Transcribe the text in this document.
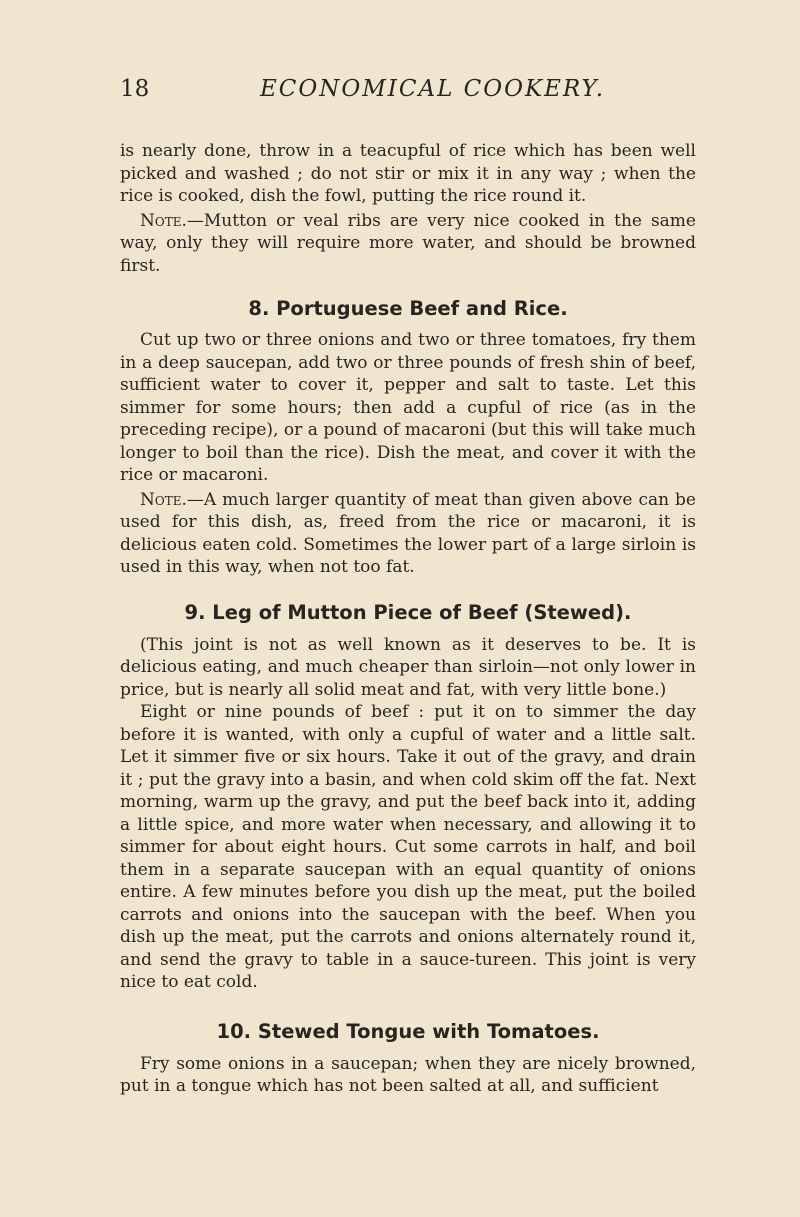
18	ECONOMICAL COOKERY.

is nearly done, throw in a teacupful of rice which has been well picked and washed ; do not stir or mix it in any way ; when the rice is cooked, dish the fowl, putting the rice round it.

Note.—Mutton or veal ribs are very nice cooked in the same way, only they will require more water, and should be browned first.

8. Portuguese Beef and Rice.

Cut up two or three onions and two or three tomatoes, fry them in a deep saucepan, add two or three pounds of fresh shin of beef, sufficient water to cover it, pepper and salt to taste. Let this simmer for some hours; then add a cupful of rice (as in the preceding recipe), or a pound of macaroni (but this will take much longer to boil than the rice). Dish the meat, and cover it with the rice or macaroni.

Note.—A much larger quantity of meat than given above can be used for this dish, as, freed from the rice or macaroni, it is delicious eaten cold. Sometimes the lower part of a large sirloin is used in this way, when not too fat.

9. Leg of Mutton Piece of Beef (Stewed).

(This joint is not as well known as it deserves to be. It is delicious eating, and much cheaper than sirloin—not only lower in price, but is nearly all solid meat and fat, with very little bone.)

Eight or nine pounds of beef : put it on to simmer the day before it is wanted, with only a cupful of water and a little salt. Let it simmer five or six hours. Take it out of the gravy, and drain it ; put the gravy into a basin, and when cold skim off the fat. Next morning, warm up the gravy, and put the beef back into it, adding a little spice, and more water when necessary, and allowing it to simmer for about eight hours. Cut some carrots in half, and boil them in a separate saucepan with an equal quantity of onions entire. A few minutes before you dish up the meat, put the boiled carrots and onions into the saucepan with the beef. When you dish up the meat, put the carrots and onions alternately round it, and send the gravy to table in a sauce-tureen. This joint is very nice to eat cold.

10. Stewed Tongue with Tomatoes.

Fry some onions in a saucepan; when they are nicely browned, put in a tongue which has not been salted at all, and sufficient
